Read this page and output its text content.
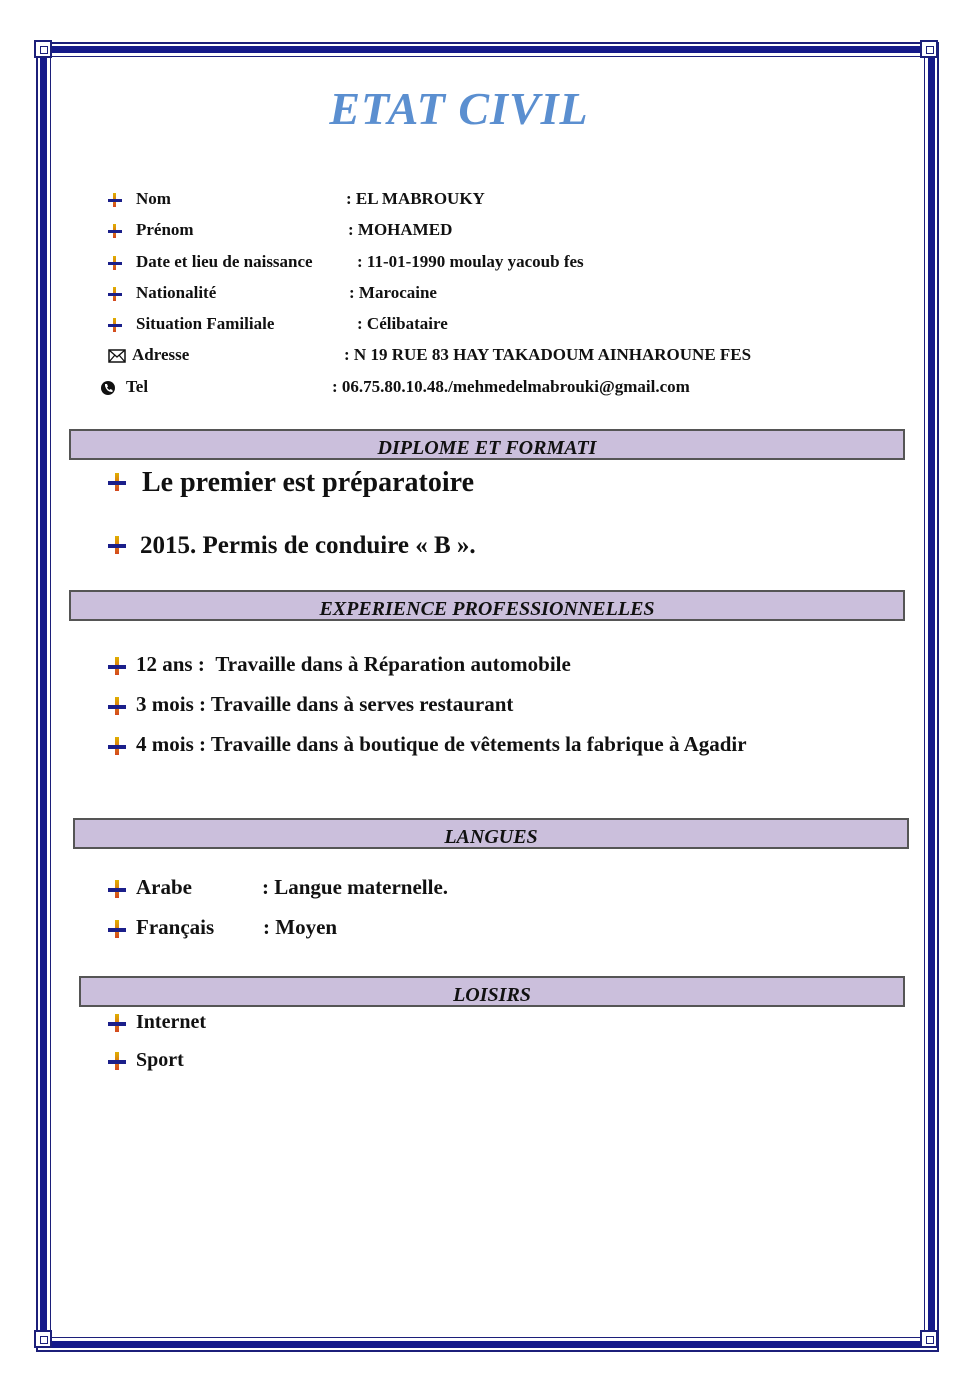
ETAT CIVIL
Nom	: EL MABROUKY
Prénom	: MOHAMED
Date et lieu de naissance	: 11-01-1990 moulay yacoub fes
Nationalité	: Marocaine
Situation Familiale	: Célibataire
Adresse	: N 19 RUE 83 HAY TAKADOUM AINHAROUNE FES
Tel	: 06.75.80.10.48./mehmedelmabrouki@gmail.com
DIPLOME ET FORMATI
Le premier est préparatoire
2015. Permis de conduire « B ».
EXPERIENCE PROFESSIONNELLES
12 ans : Travaille dans à Réparation automobile
3 mois : Travaille dans à serves restaurant
4 mois : Travaille dans à boutique de vêtements la fabrique à Agadir
LANGUES
Arabe	: Langue maternelle.
Français : Moyen
LOISIRS
Internet
Sport
